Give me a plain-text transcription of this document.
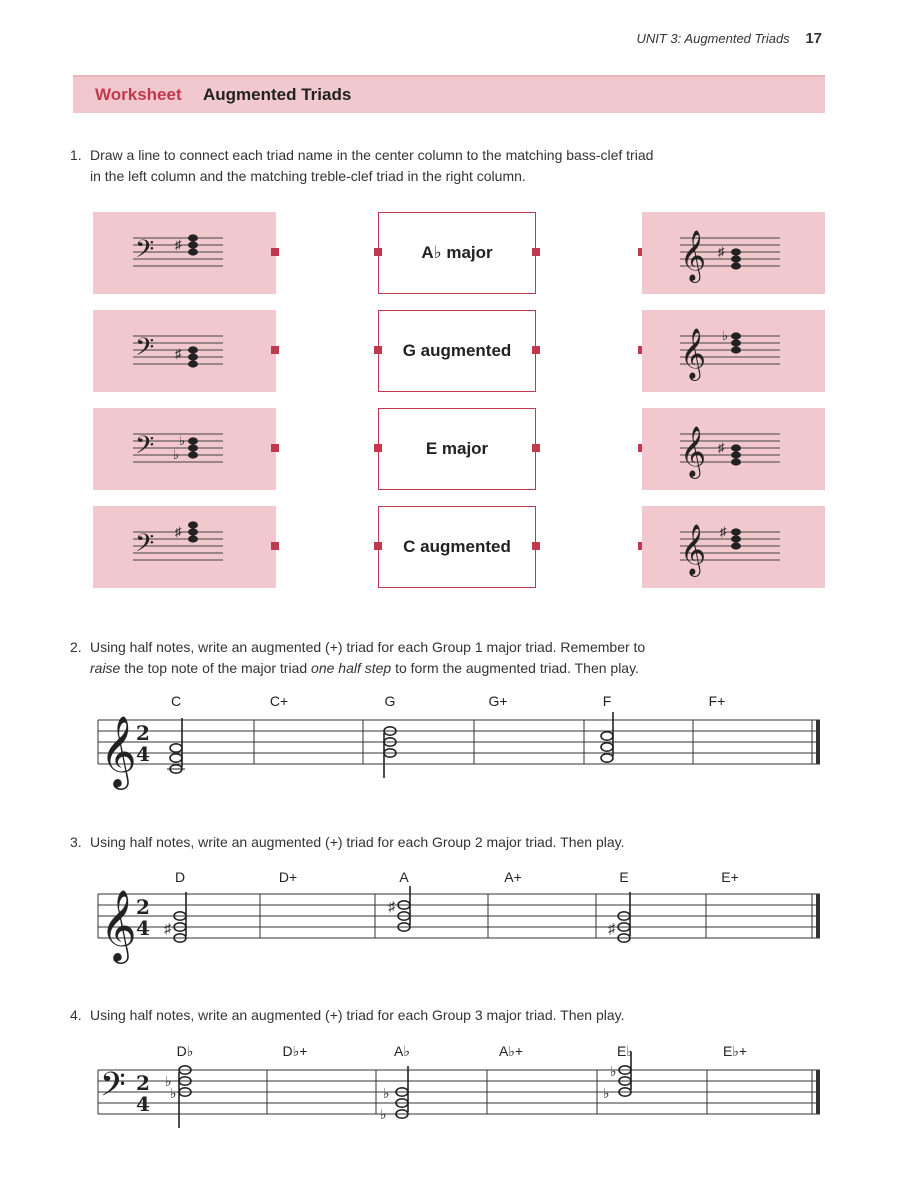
UNIT 3: Augmented Triads 17
Worksheet Augmented Triads
1. Draw a line to connect each triad name in the center column to the matching bass-clef triad
in the left column and the matching treble-clef triad in the right column.
𝄢 ♯
𝄢 ♯
𝄢 ♭
♭
𝄢 ♯
A♭ major
G augmented
E major
C augmented
𝄞 ♯
𝄞 ♭
𝄞 ♯
𝄞 ♯
2. Using half notes, write an augmented (+) triad for each Group 1 major triad. Remember to
raise the top note of the major triad one half step to form the augmented triad. Then play.
C	C+	G	G+	F	F+
𝄞 2
4
D	D+	A	A+	E	E+
𝄞 2
4 ♯
♯
♯
D♭	D♭+	A♭	A♭+	E♭	E♭+
𝄢 2
4
♭
♭	♭
♭
♭
♭
3. Using half notes, write an augmented (+) triad for each Group 2 major triad. Then play.
4. Using half notes, write an augmented (+) triad for each Group 3 major triad. Then play.
